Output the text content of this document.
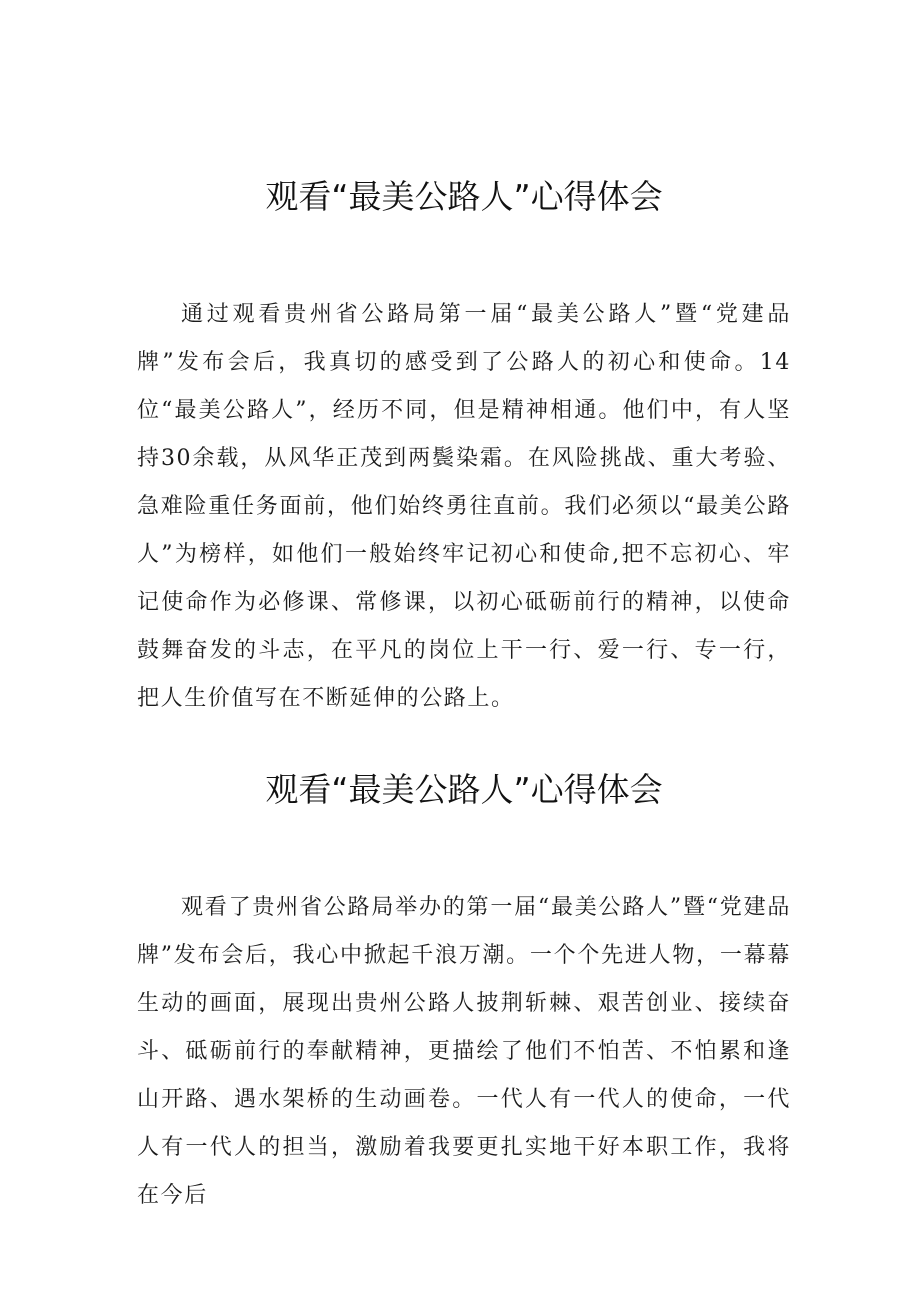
观看“最美公路人”心得体会

通过观看贵州省公路局第一届“最美公路人”暨“党建品牌”发布会后，我真切的感受到了公路人的初心和使命。14位“最美公路人”，经历不同，但是精神相通。他们中，有人坚持30余载，从风华正茂到两鬓染霜。在风险挑战、重大考验、急难险重任务面前，他们始终勇往直前。我们必须以“最美公路人”为榜样，如他们一般始终牢记初心和使命,把不忘初心、牢记使命作为必修课、常修课，以初心砥砺前行的精神，以使命鼓舞奋发的斗志，在平凡的岗位上干一行、爱一行、专一行，把人生价值写在不断延伸的公路上。

观看“最美公路人”心得体会

观看了贵州省公路局举办的第一届“最美公路人”暨“党建品牌”发布会后，我心中掀起千浪万潮。一个个先进人物，一幕幕生动的画面，展现出贵州公路人披荆斩棘、艰苦创业、接续奋斗、砥砺前行的奉献精神，更描绘了他们不怕苦、不怕累和逢山开路、遇水架桥的生动画卷。一代人有一代人的使命，一代人有一代人的担当，激励着我要更扎实地干好本职工作，我将在今后
